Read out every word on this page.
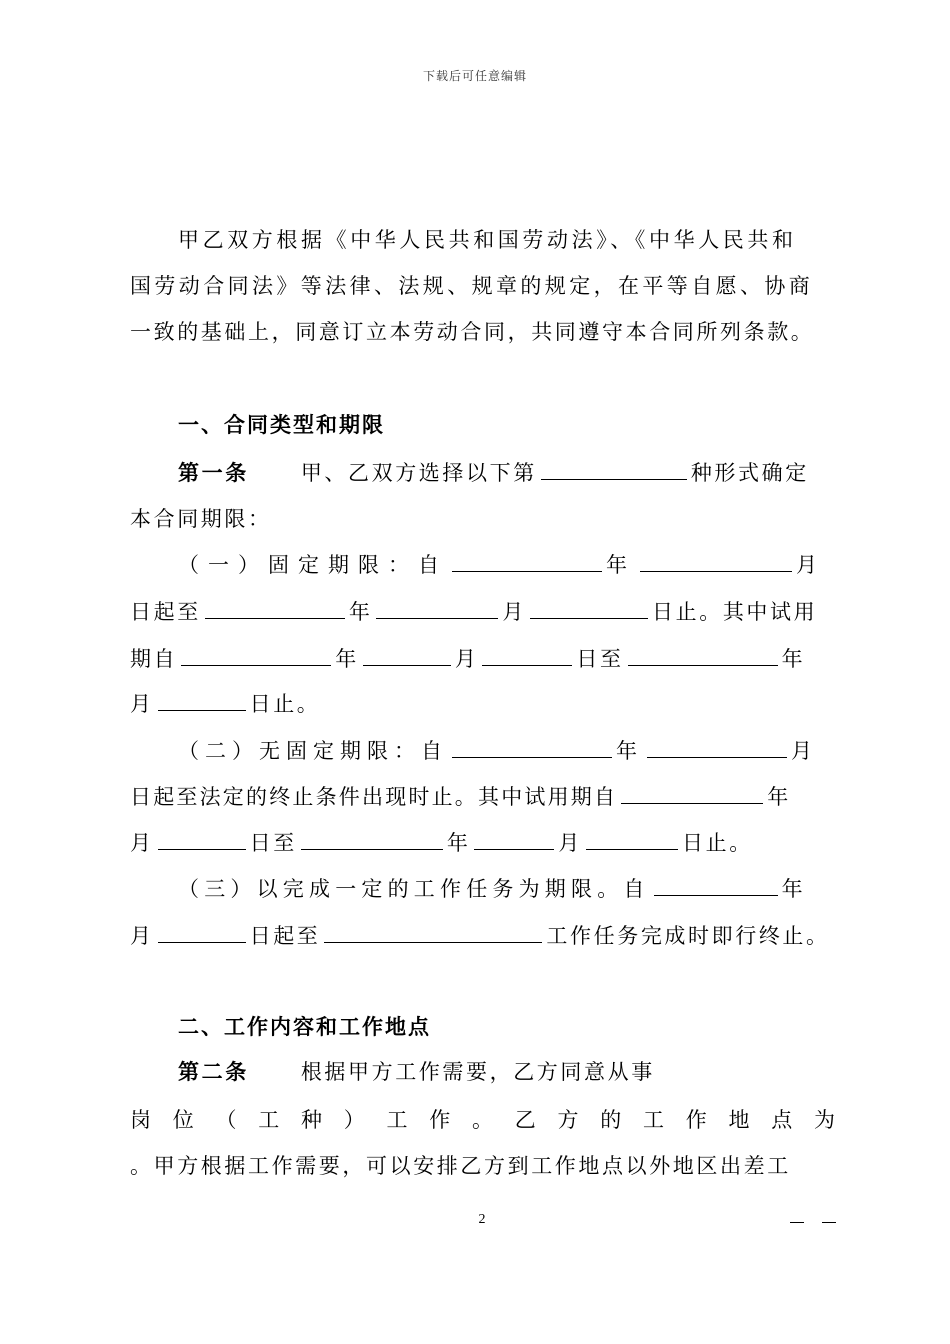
下载后可任意编辑
甲乙双方根据《中华人民共和国劳动法》、《中华人民共和
国劳动合同法》等法律、法规、规章的规定，在平等自愿、协商
一致的基础上，同意订立本劳动合同，共同遵守本合同所列条款。
一、合同类型和期限
第一条 甲、乙双方选择以下第	种形式确定
本合同期限：
（一）固定期限：自	年	月
日起至	年	月	日止。其中试用
期自	年	月	日至	年
月	日止。
（二）无固定期限：自	年	月
日起至法定的终止条件出现时止。其中试用期自	年
月	日至	年	月	日止。
（三）以完成一定的工作任务为期限。自	年
月	日起至	工作任务完成时即行终止。
二、工作内容和工作地点
第二条 根据甲方工作需要，乙方同意从事
岗 位 （ 工 种 ） 工 作 。 乙 方 的 工 作 地 点 为
。甲方根据工作需要，可以安排乙方到工作地点以外地区出差工
2
